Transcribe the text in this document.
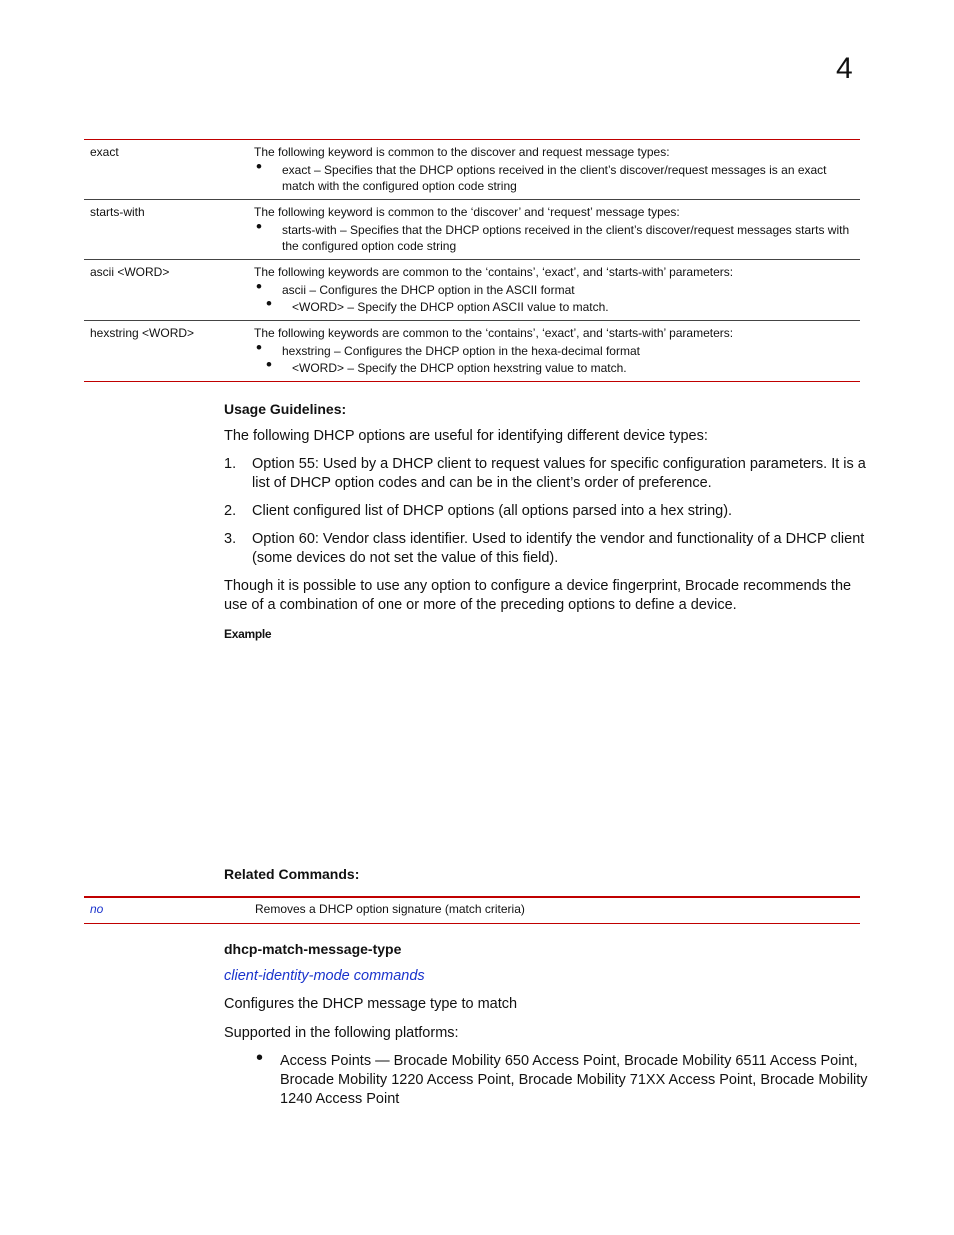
4
exact	The following keyword is common to the discover and request message types:
• exact – Specifies that the DHCP options received in the client’s discover/request messages is an exact match with the configured option code string
starts-with	The following keyword is common to the ‘discover’ and ‘request’ message types:
• starts-with – Specifies that the DHCP options received in the client’s discover/request messages starts with the configured option code string
ascii <WORD>	The following keywords are common to the ‘contains’, ‘exact’, and ‘starts-with’ parameters:
• ascii – Configures the DHCP option in the ASCII format
• <WORD> – Specify the DHCP option ASCII value to match.
hexstring <WORD>	The following keywords are common to the ‘contains’, ‘exact’, and ‘starts-with’ parameters:
• hexstring – Configures the DHCP option in the hexa-decimal format
• <WORD> – Specify the DHCP option hexstring value to match.
Usage Guidelines:
The following DHCP options are useful for identifying different device types:
1. Option 55: Used by a DHCP client to request values for specific configuration parameters. It is a list of DHCP option codes and can be in the client’s order of preference.
2. Client configured list of DHCP options (all options parsed into a hex string).
3. Option 60: Vendor class identifier. Used to identify the vendor and functionality of a DHCP client (some devices do not set the value of this field).
Though it is possible to use any option to configure a device fingerprint, Brocade recommends the use of a combination of one or more of the preceding options to define a device.
Example
Related Commands:
no	Removes a DHCP option signature (match criteria)
dhcp-match-message-type
client-identity-mode commands
Configures the DHCP message type to match
Supported in the following platforms:
• Access Points — Brocade Mobility 650 Access Point, Brocade Mobility 6511 Access Point, Brocade Mobility 1220 Access Point, Brocade Mobility 71XX Access Point, Brocade Mobility 1240 Access Point
